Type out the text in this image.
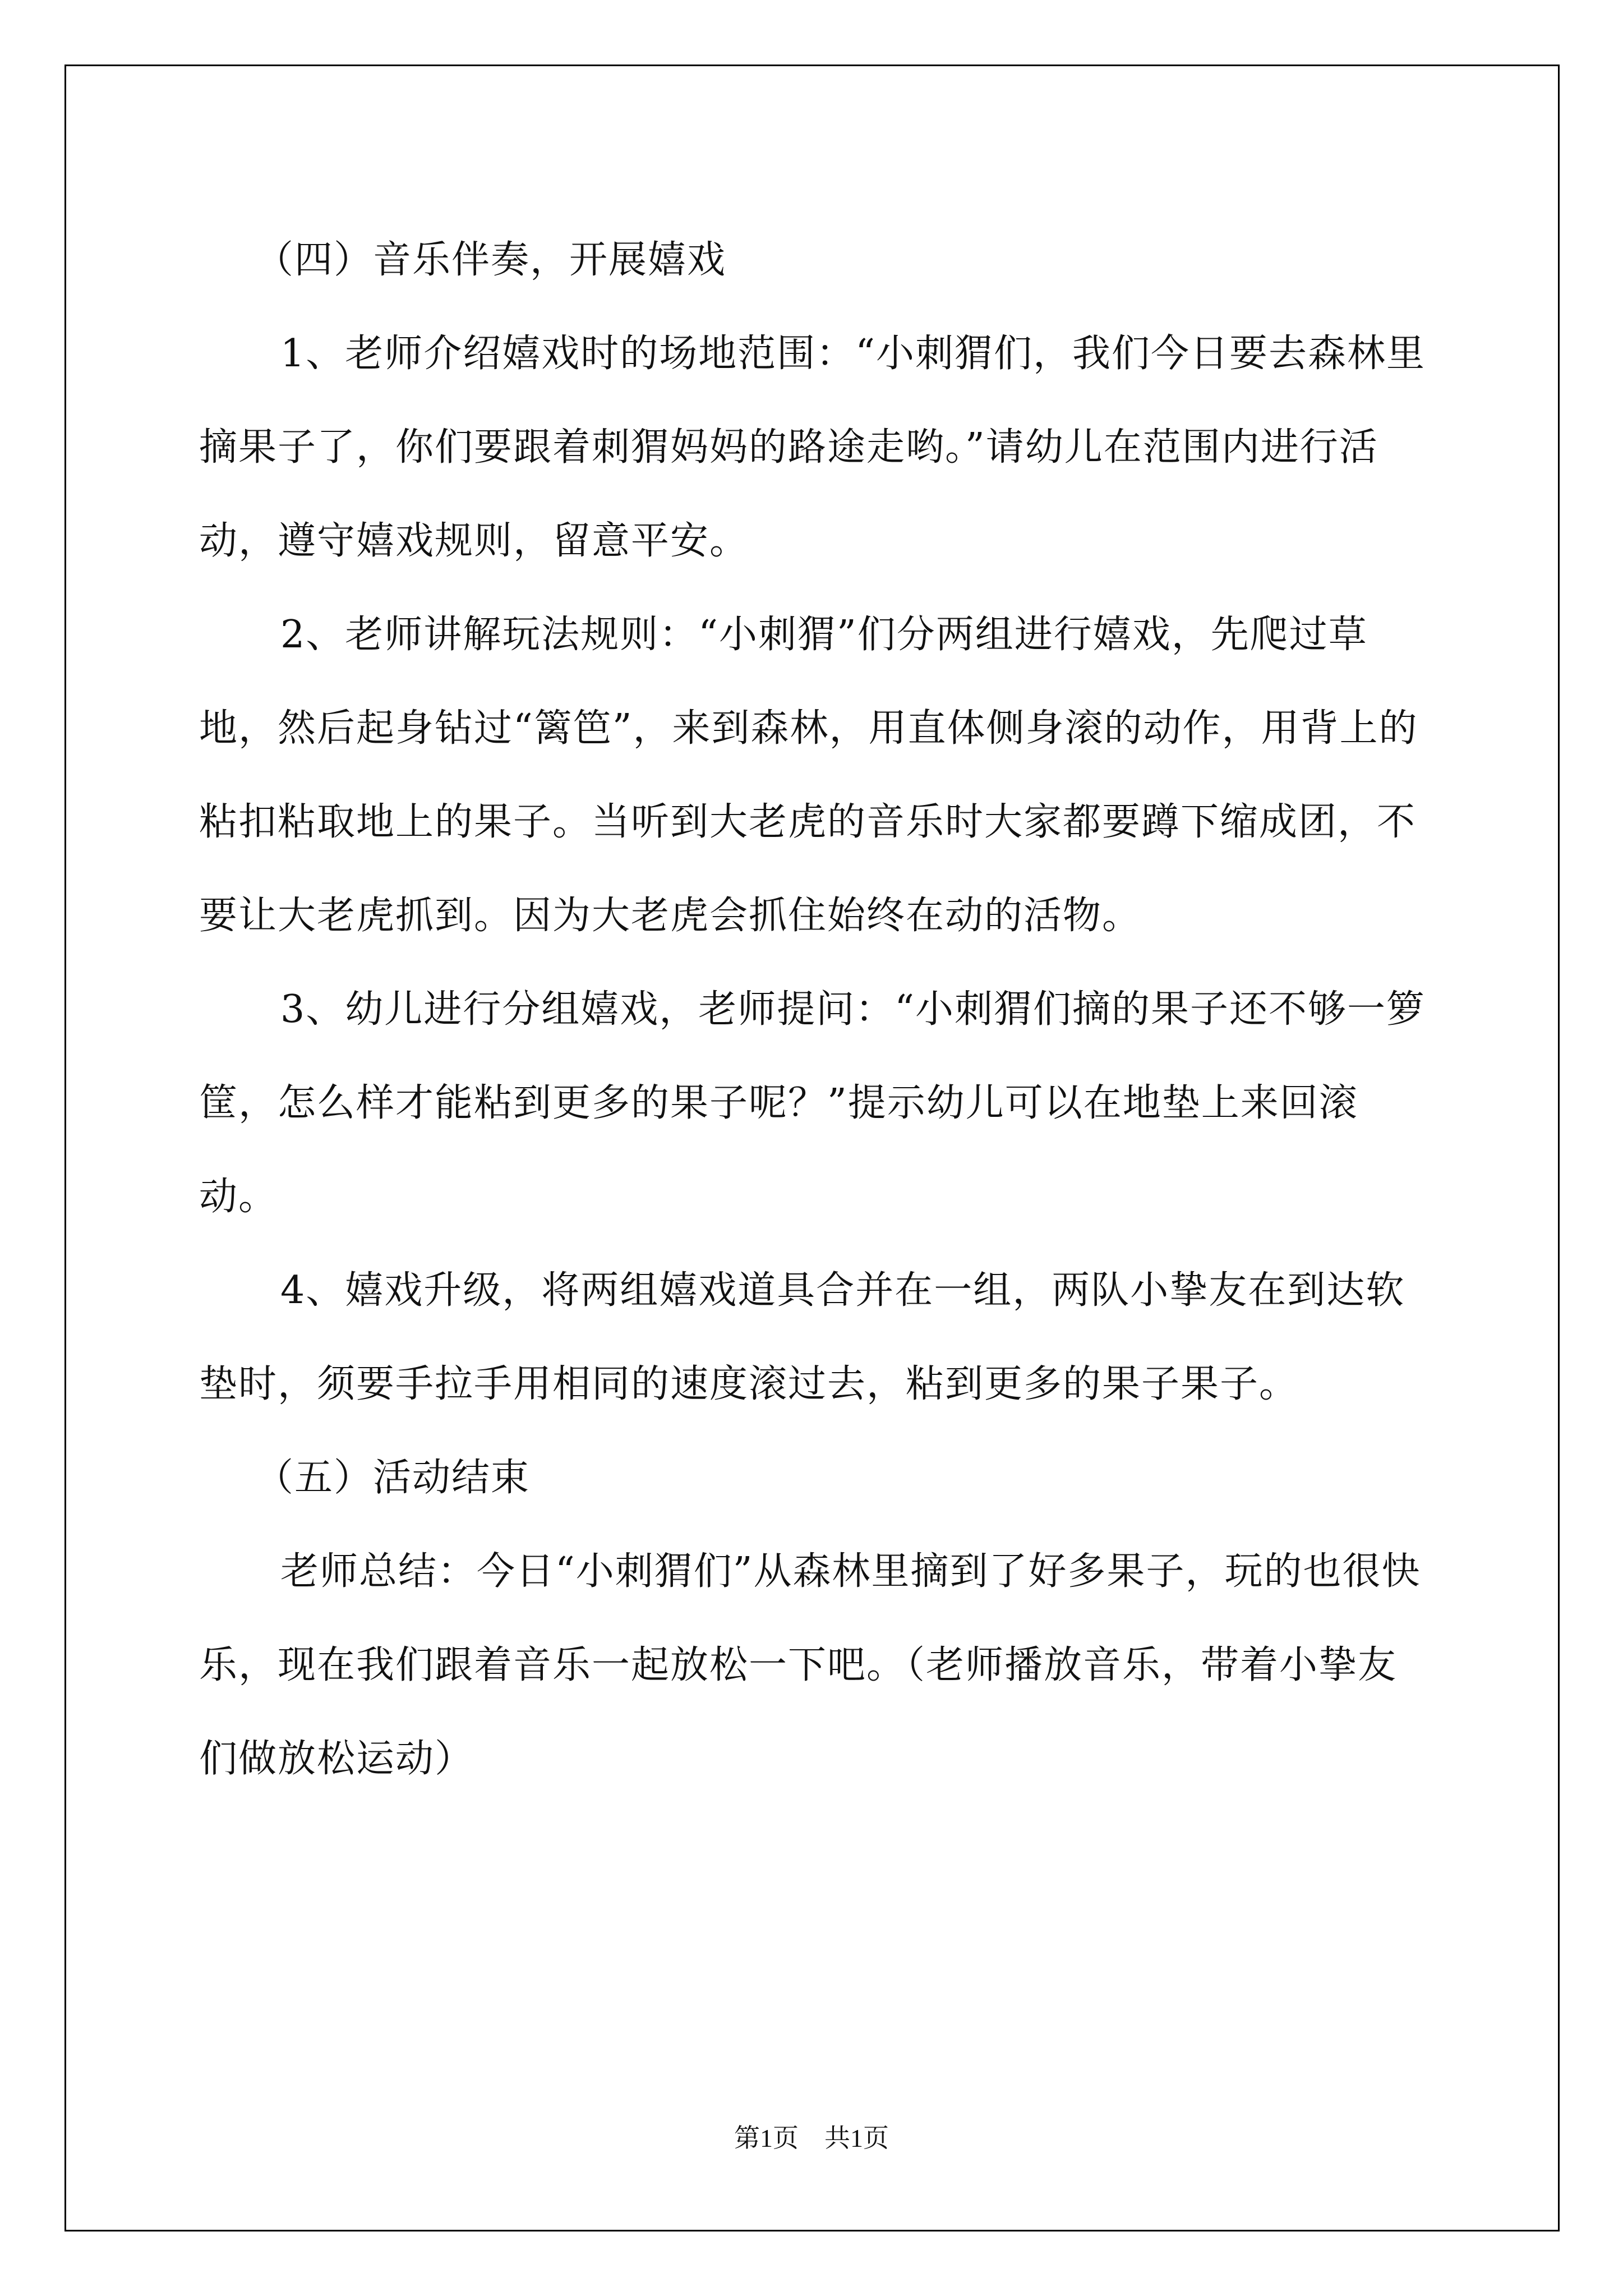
（四）音乐伴奏，开展嬉戏

1、老师介绍嬉戏时的场地范围：“小刺猬们，我们今日要去森林里摘果子了，你们要跟着刺猬妈妈的路途走哟。”请幼儿在范围内进行活动，遵守嬉戏规则，留意平安。

2、老师讲解玩法规则：“小刺猬”们分两组进行嬉戏，先爬过草地，然后起身钻过“篱笆”，来到森林，用直体侧身滚的动作，用背上的粘扣粘取地上的果子。当听到大老虎的音乐时大家都要蹲下缩成团，不要让大老虎抓到。因为大老虎会抓住始终在动的活物。

3、幼儿进行分组嬉戏，老师提问：“小刺猬们摘的果子还不够一箩筐，怎么样才能粘到更多的果子呢？”提示幼儿可以在地垫上来回滚动。

4、嬉戏升级，将两组嬉戏道具合并在一组，两队小挚友在到达软垫时，须要手拉手用相同的速度滚过去，粘到更多的果子果子。

（五）活动结束

老师总结：今日“小刺猬们”从森林里摘到了好多果子，玩的也很快乐，现在我们跟着音乐一起放松一下吧。（老师播放音乐，带着小挚友们做放松运动）

第1页　共1页
